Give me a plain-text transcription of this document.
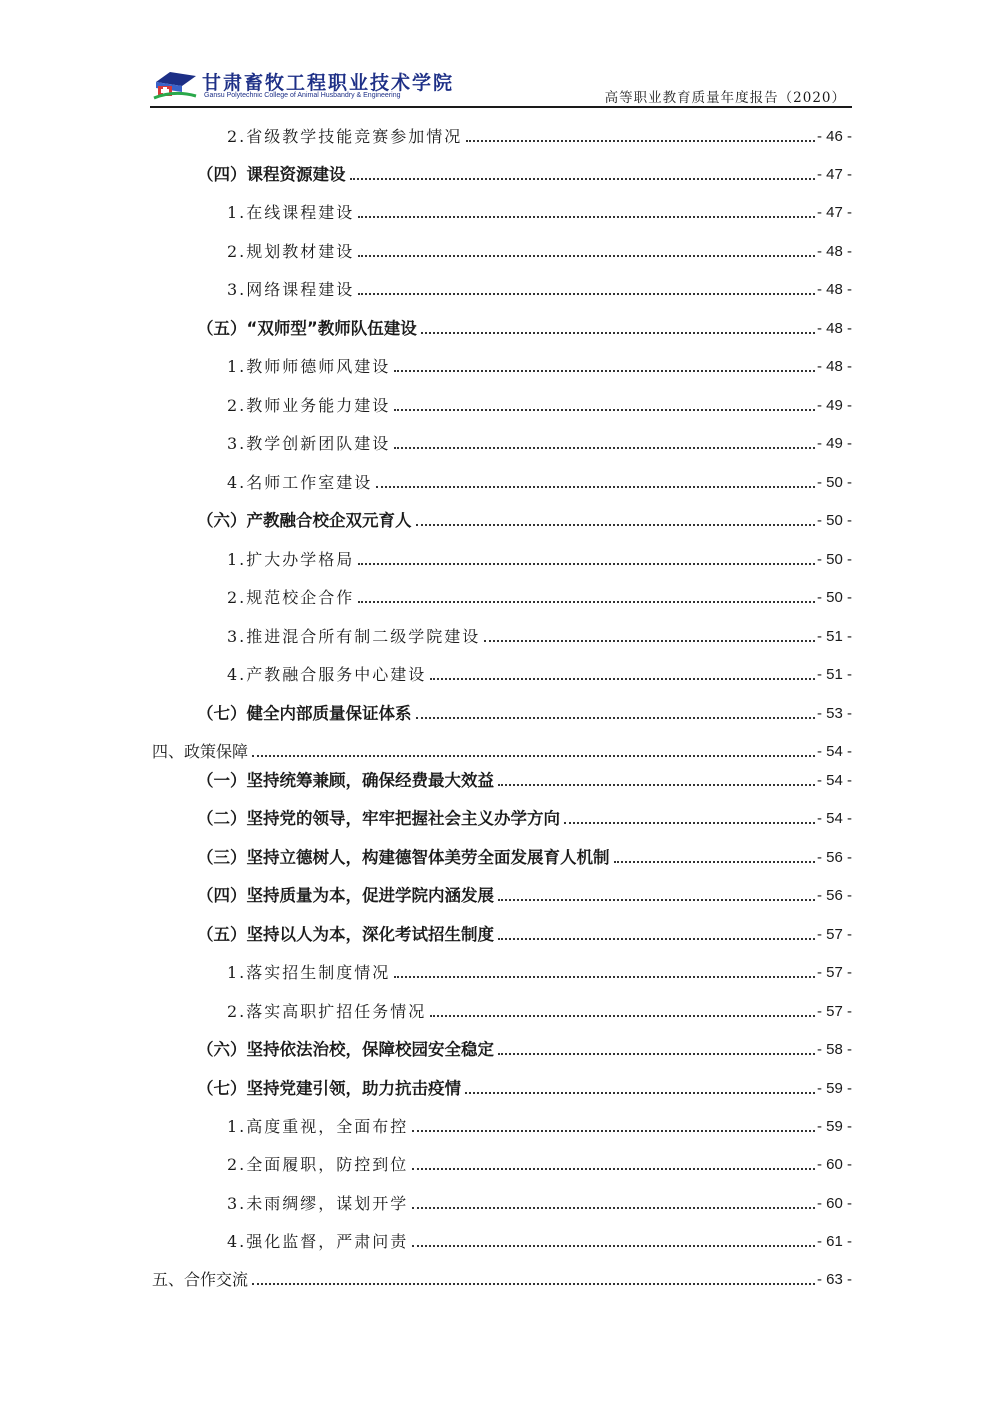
甘肃畜牧工程职业技术学院
Gansu Polytechnic College of Animal Husbandry & Engineering	高等职业教育质量年度报告（2020）
2.省级教学技能竞赛参加情况	- 46 -
（四）课程资源建设	- 47 -
1.在线课程建设	- 47 -
2.规划教材建设	- 48 -
3.网络课程建设	- 48 -
（五）“双师型”教师队伍建设	- 48 -
1.教师师德师风建设	- 48 -
2.教师业务能力建设	- 49 -
3.教学创新团队建设	- 49 -
4.名师工作室建设	- 50 -
（六）产教融合校企双元育人	- 50 -
1.扩大办学格局	- 50 -
2.规范校企合作	- 50 -
3.推进混合所有制二级学院建设	- 51 -
4.产教融合服务中心建设	- 51 -
（七）健全内部质量保证体系	- 53 -
四、政策保障	- 54 -
（一）坚持统筹兼顾，确保经费最大效益	- 54 -
（二）坚持党的领导，牢牢把握社会主义办学方向	- 54 -
（三）坚持立德树人，构建德智体美劳全面发展育人机制	- 56 -
（四）坚持质量为本，促进学院内涵发展	- 56 -
（五）坚持以人为本，深化考试招生制度	- 57 -
1.落实招生制度情况	- 57 -
2.落实高职扩招任务情况	- 57 -
（六）坚持依法治校，保障校园安全稳定	- 58 -
（七）坚持党建引领，助力抗击疫情	- 59 -
1.高度重视，全面布控	- 59 -
2.全面履职，防控到位	- 60 -
3.未雨绸缪，谋划开学	- 60 -
4.强化监督，严肃问责	- 61 -
五、合作交流	- 63 -
